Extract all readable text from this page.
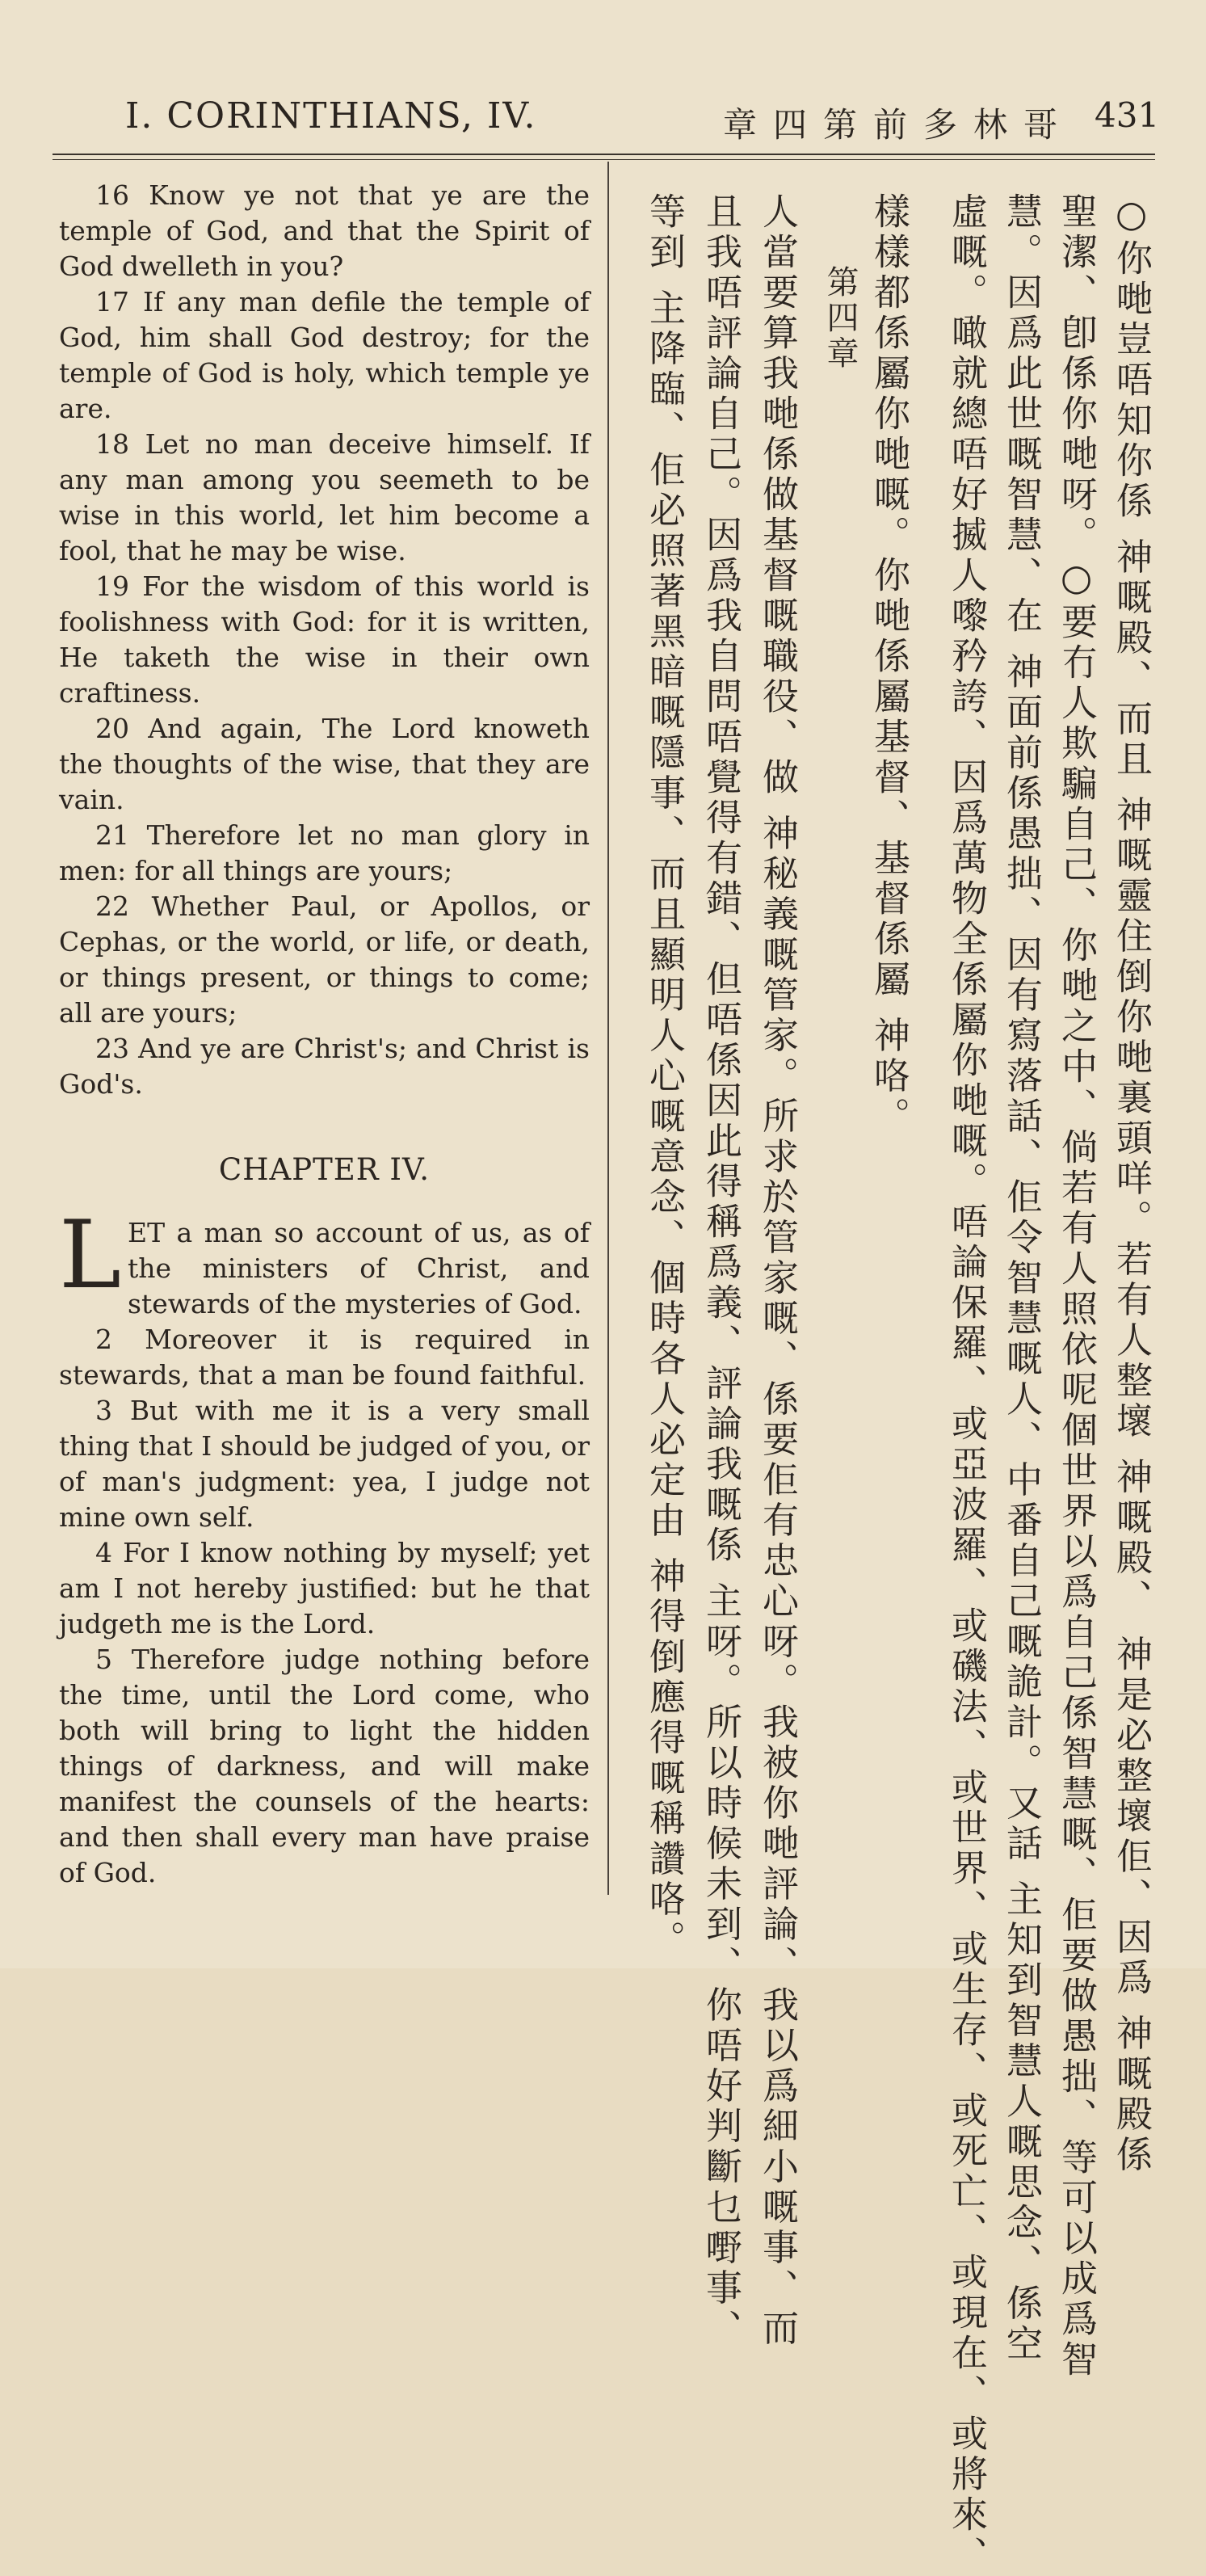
I. CORINTHIANS, IV.	章四第前多林哥 431

16 Know ye not that ye are the temple of God, and that the Spirit of God dwelleth in you?

17 If any man defile the temple of God, him shall God destroy; for the temple of God is holy, which temple ye are.

18 Let no man deceive himself. If any man among you seemeth to be wise in this world, let him become a fool, that he may be wise.

19 For the wisdom of this world is foolishness with God: for it is written, He taketh the wise in their own craftiness.

20 And again, The Lord knoweth the thoughts of the wise, that they are vain.

21 Therefore let no man glory in men: for all things are yours;

22 Whether Paul, or Apollos, or Cephas, or the world, or life, or death, or things present, or things to come; all are yours;

23 And ye are Christ's; and Christ is God's.

CHAPTER IV.

LET a man so account of us, as of the ministers of Christ, and stewards of the mysteries of God.

2 Moreover it is required in stewards, that a man be found faithful.

3 But with me it is a very small thing that I should be judged of you, or of man's judgment: yea, I judge not mine own self.

4 For I know nothing by myself; yet am I not hereby justified: but he that judgeth me is the Lord.

5 Therefore judge nothing before the time, until the Lord come, who both will bring to light the hidden things of darkness, and will make manifest the counsels of the hearts: and then shall every man have praise of God.	○你哋豈唔知你係 神嘅殿、而且 神嘅靈住倒你哋裏頭咩。若有人整壞 神嘅殿、 神是必整壞佢、因爲 神嘅殿係
聖潔、卽係你哋呀。○要冇人欺騙自己、你哋之中、倘若有人照依呢個世界以爲自己係智慧嘅、佢要做愚拙、等可以成爲智
慧。因爲此世嘅智慧、在 神面前係愚拙、因有寫落話、佢令智慧嘅人、中番自己嘅詭計。又話 主知到智慧人嘅思念、係空
虛嘅。噉就總唔好揻人嚟矜誇、因爲萬物全係屬你哋嘅。唔論保羅、或亞波羅、或磯法、或世界、或生存、或死亡、或現在、或將來、
樣樣都係屬你哋嘅。你哋係屬基督、基督係屬 神咯。
第四章
人當要算我哋係做基督嘅職役、做 神秘義嘅管家。所求於管家嘅、係要佢有忠心呀。我被你哋評論、我以爲細小嘅事、而
且我唔評論自己。因爲我自問唔覺得有錯、但唔係因此得稱爲義、評論我嘅係 主呀。所以時候未到、你唔好判斷乜嘢事、
等到 主降臨、佢必照著黑暗嘅隱事、而且顯明人心嘅意念、個時各人必定由 神得倒應得嘅稱讚咯。
